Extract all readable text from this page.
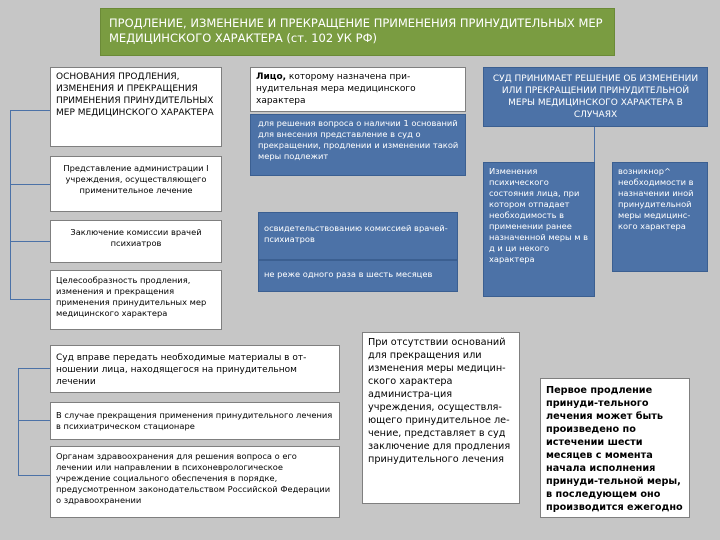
ПРОДЛЕНИЕ, ИЗМЕНЕНИЕ И ПРЕКРАЩЕНИЕ ПРИМЕНЕНИЯ ПРИНУДИТЕЛЬНЫХ МЕР МЕДИЦИНСКОГО ХАРАКТЕРА (ст. 102 УК РФ)
ОСНОВАНИЯ ПРОДЛЕНИЯ, ИЗМЕНЕНИЯ И ПРЕКРАЩЕНИЯ ПРИМЕНЕНИЯ ПРИНУДИТЕЛЬНЫХ МЕР МЕДИЦИНСКОГО ХАРАКТЕРА
Представление администрации I учреждения, осуществляющего применительное лечение
Заключение комиссии врачей психиатров
Целесообразность продления, изменения и прекращения применения принудительных мер медицинского характера
Лицо, которому назначена при-нудительная мера медицинского характера
для решения вопроса о наличии 1 оснований для внесения представление в суд о прекращении, продлении и изменении такой меры подлежит
освидетельствованию комиссией врачей-психиатров
не реже одного раза в шесть месяцев
СУД ПРИНИМАЕТ РЕШЕНИЕ ОБ ИЗМЕНЕНИИ ИЛИ ПРЕКРАЩЕНИИ ПРИНУДИТЕЛЬНОЙ МЕРЫ МЕДИЦИНСКОГО ХАРАКТЕРА В СЛУЧАЯХ
Изменения психического состояния лица, при котором отпадает необходимость в применении ранее назначенной меры м в д и ци некого характера
возникнор^ необходимости в назначении иной принудительной меры медицинс-кого характера
Суд вправе передать необходимые материалы в от-ношении лица, находящегося на принудительном лечении
В случае прекращения применения принудительного лечения в психиатрическом стационаре
Органам здравоохранения для решения вопроса о его лечении или направлении в психоневрологическое учреждение социального обеспечения в порядке, предусмотренном законодательством Российской Федерации о здравоохранении
При отсутствии оснований для прекращения или изменения меры медицин-ского характера администра-ция учреждения, осуществля-ющего принудительное ле-чение, представляет в суд заключение для продления принудительного лечения
Первое продление принуди-тельного лечения может быть произведено по истечении шести месяцев с момента начала исполнения принуди-тельной меры, в последующем оно производится ежегодно
